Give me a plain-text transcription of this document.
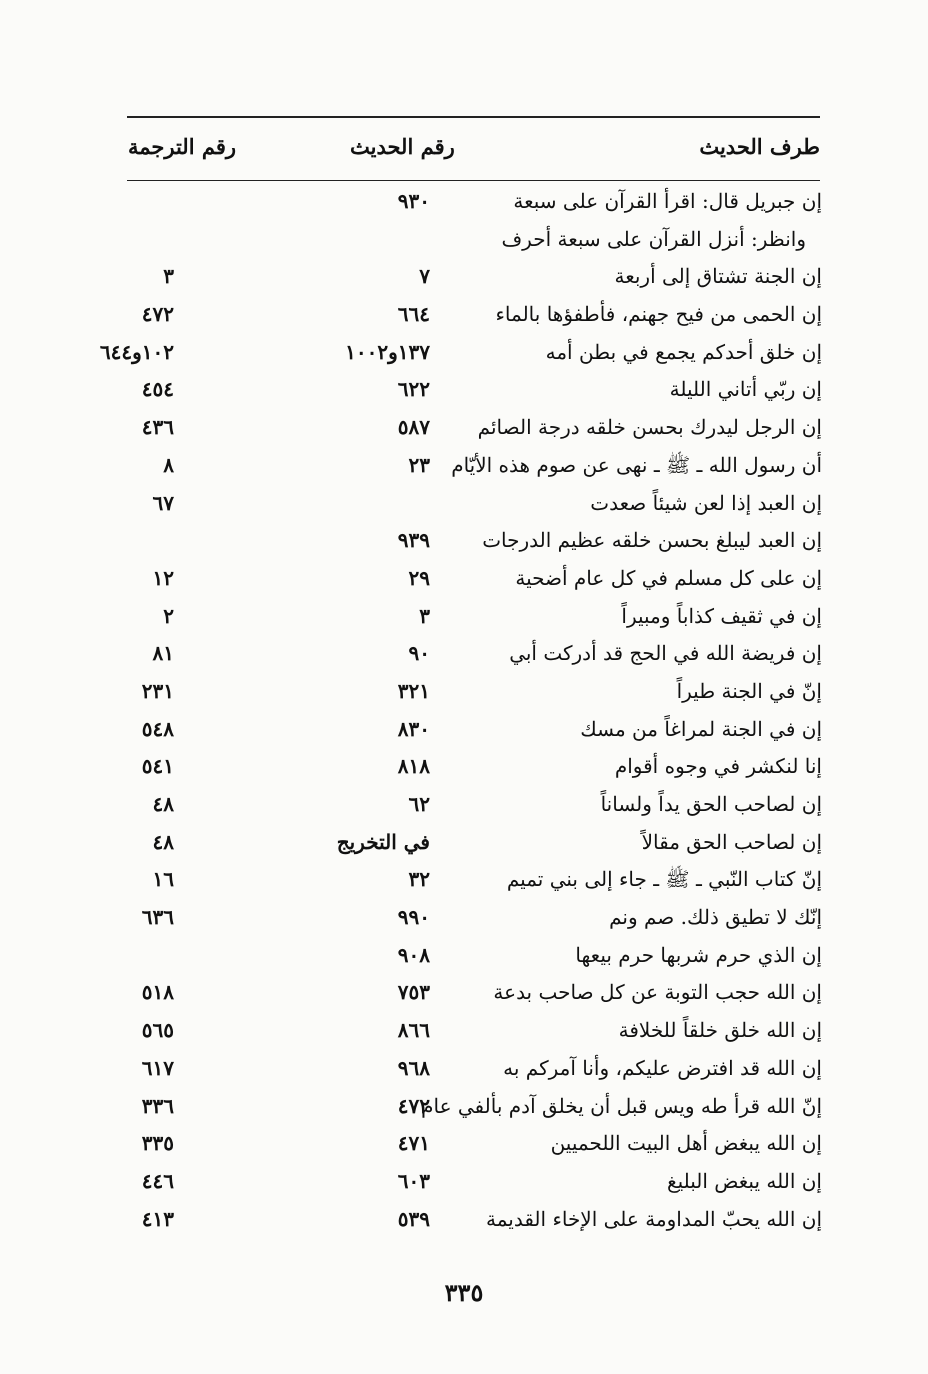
طرف الحديث
رقم الحديث
رقم الترجمة
إن جبريل قال: اقرأ القرآن على سبعة
٩٣٠
وانظر: أنزل القرآن على سبعة أحرف
إن الجنة تشتاق إلى أربعة
٧
٣
إن الحمى من فيح جهنم، فأطفؤها بالماء
٦٦٤
٤٧٢
إن خلق أحدكم يجمع في بطن أمه
١٣٧و١٠٠٢
١٠٢و٦٤٤
إن ربّي أتاني الليلة
٦٢٢
٤٥٤
إن الرجل ليدرك بحسن خلقه درجة الصائم
٥٨٧
٤٣٦
أن رسول الله ـ ﷺ ـ نهى عن صوم هذه الأيّام
٢٣
٨
إن العبد إذا لعن شيئاً صعدت
٦٧
إن العبد ليبلغ بحسن خلقه عظيم الدرجات
٩٣٩
إن على كل مسلم في كل عام أضحية
٢٩
١٢
إن في ثقيف كذاباً ومبيراً
٣
٢
إن فريضة الله في الحج قد أدركت أبي
٩٠
٨١
إنّ في الجنة طيراً
٣٢١
٢٣١
إن في الجنة لمراغاً من مسك
٨٣٠
٥٤٨
إنا لنكشر في وجوه أقوام
٨١٨
٥٤١
إن لصاحب الحق يداً ولساناً
٦٢
٤٨
إن لصاحب الحق مقالاً
في التخريج
٤٨
إنّ كتاب النّبي ـ ﷺ ـ جاء إلى بني تميم
٣٢
١٦
إنّك لا تطيق ذلك. صم ونم
٩٩٠
٦٣٦
إن الذي حرم شربها حرم بيعها
٩٠٨
إن الله حجب التوبة عن كل صاحب بدعة
٧٥٣
٥١٨
إن الله خلق خلقاً للخلافة
٨٦٦
٥٦٥
إن الله قد افترض عليكم، وأنا آمركم به
٩٦٨
٦١٧
إنّ الله قرأ طه ويس قبل أن يخلق آدم بألفي عام
٤٧٢
٣٣٦
إن الله يبغض أهل البيت اللحميين
٤٧١
٣٣٥
إن الله يبغض البليغ
٦٠٣
٤٤٦
إن الله يحبّ المداومة على الإخاء القديمة
٥٣٩
٤١٣
٣٣٥
